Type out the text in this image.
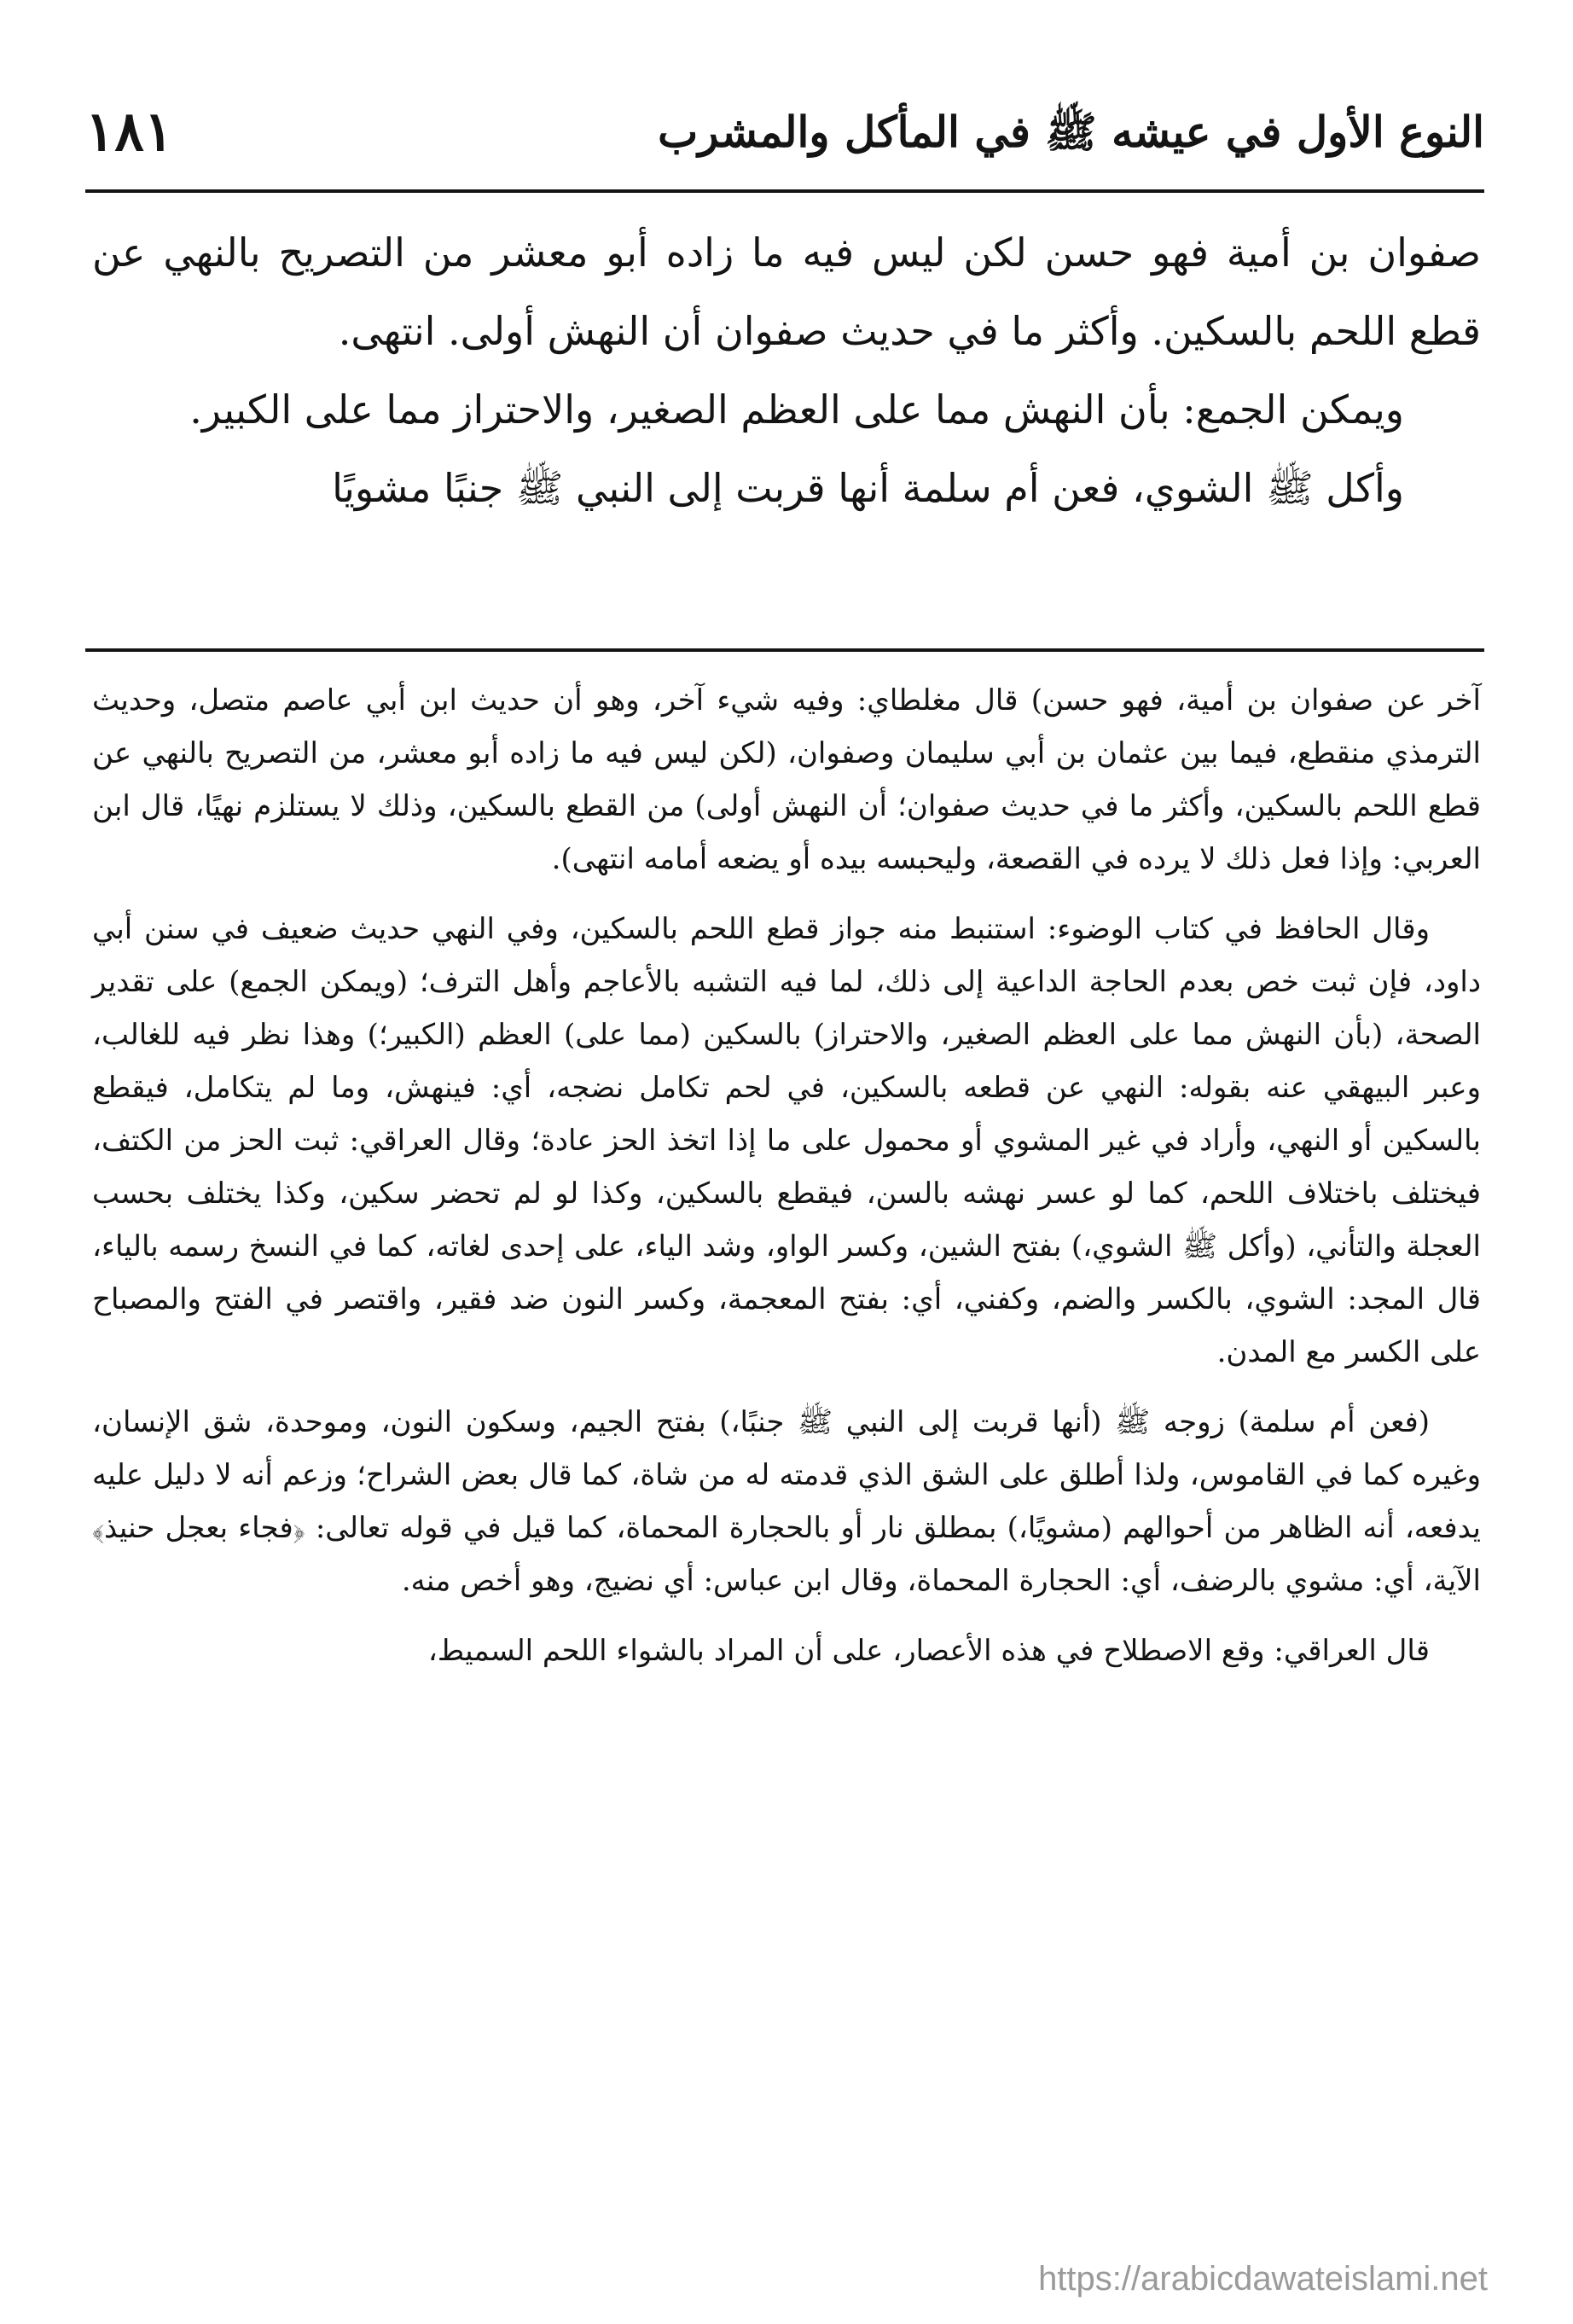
١٨١	النوع الأول في عيشه ﷺ في المأكل والمشرب

صفوان بن أمية فهو حسن لكن ليس فيه ما زاده أبو معشر من التصريح بالنهي عن قطع اللحم بالسكين. وأكثر ما في حديث صفوان أن النهش أولى. انتهى.

ويمكن الجمع: بأن النهش مما على العظم الصغير، والاحتراز مما على الكبير.

وأكل ﷺ الشوي، فعن أم سلمة أنها قربت إلى النبي ﷺ جنبًا مشويًا

آخر عن صفوان بن أمية، فهو حسن) قال مغلطاي: وفيه شيء آخر، وهو أن حديث ابن أبي عاصم متصل، وحديث الترمذي منقطع، فيما بين عثمان بن أبي سليمان وصفوان، (لكن ليس فيه ما زاده أبو معشر، من التصريح بالنهي عن قطع اللحم بالسكين، وأكثر ما في حديث صفوان؛ أن النهش أولى) من القطع بالسكين، وذلك لا يستلزم نهيًا، قال ابن العربي: وإذا فعل ذلك لا يرده في القصعة، وليحبسه بيده أو يضعه أمامه انتهى).

وقال الحافظ في كتاب الوضوء: استنبط منه جواز قطع اللحم بالسكين، وفي النهي حديث ضعيف في سنن أبي داود، فإن ثبت خص بعدم الحاجة الداعية إلى ذلك، لما فيه التشبه بالأعاجم وأهل الترف؛ (ويمكن الجمع) على تقدير الصحة، (بأن النهش مما على العظم الصغير، والاحتراز) بالسكين (مما على) العظم (الكبير؛) وهذا نظر فيه للغالب، وعبر البيهقي عنه بقوله: النهي عن قطعه بالسكين، في لحم تكامل نضجه، أي: فينهش، وما لم يتكامل، فيقطع بالسكين أو النهي، وأراد في غير المشوي أو محمول على ما إذا اتخذ الحز عادة؛ وقال العراقي: ثبت الحز من الكتف، فيختلف باختلاف اللحم، كما لو عسر نهشه بالسن، فيقطع بالسكين، وكذا لو لم تحضر سكين، وكذا يختلف بحسب العجلة والتأني، (وأكل ﷺ الشوي،) بفتح الشين، وكسر الواو، وشد الياء، على إحدى لغاته، كما في النسخ رسمه بالياء، قال المجد: الشوي، بالكسر والضم، وكفني، أي: بفتح المعجمة، وكسر النون ضد فقير، واقتصر في الفتح والمصباح على الكسر مع المدن.

(فعن أم سلمة) زوجه ﷺ (أنها قربت إلى النبي ﷺ جنبًا،) بفتح الجيم، وسكون النون، وموحدة، شق الإنسان، وغيره كما في القاموس، ولذا أطلق على الشق الذي قدمته له من شاة، كما قال بعض الشراح؛ وزعم أنه لا دليل عليه يدفعه، أنه الظاهر من أحوالهم (مشويًا،) بمطلق نار أو بالحجارة المحماة، كما قيل في قوله تعالى: ﴿فجاء بعجل حنيذ﴾ الآية، أي: مشوي بالرضف، أي: الحجارة المحماة، وقال ابن عباس: أي نضيج، وهو أخص منه.

قال العراقي: وقع الاصطلاح في هذه الأعصار، على أن المراد بالشواء اللحم السميط،

https://arabicdawateislami.net
